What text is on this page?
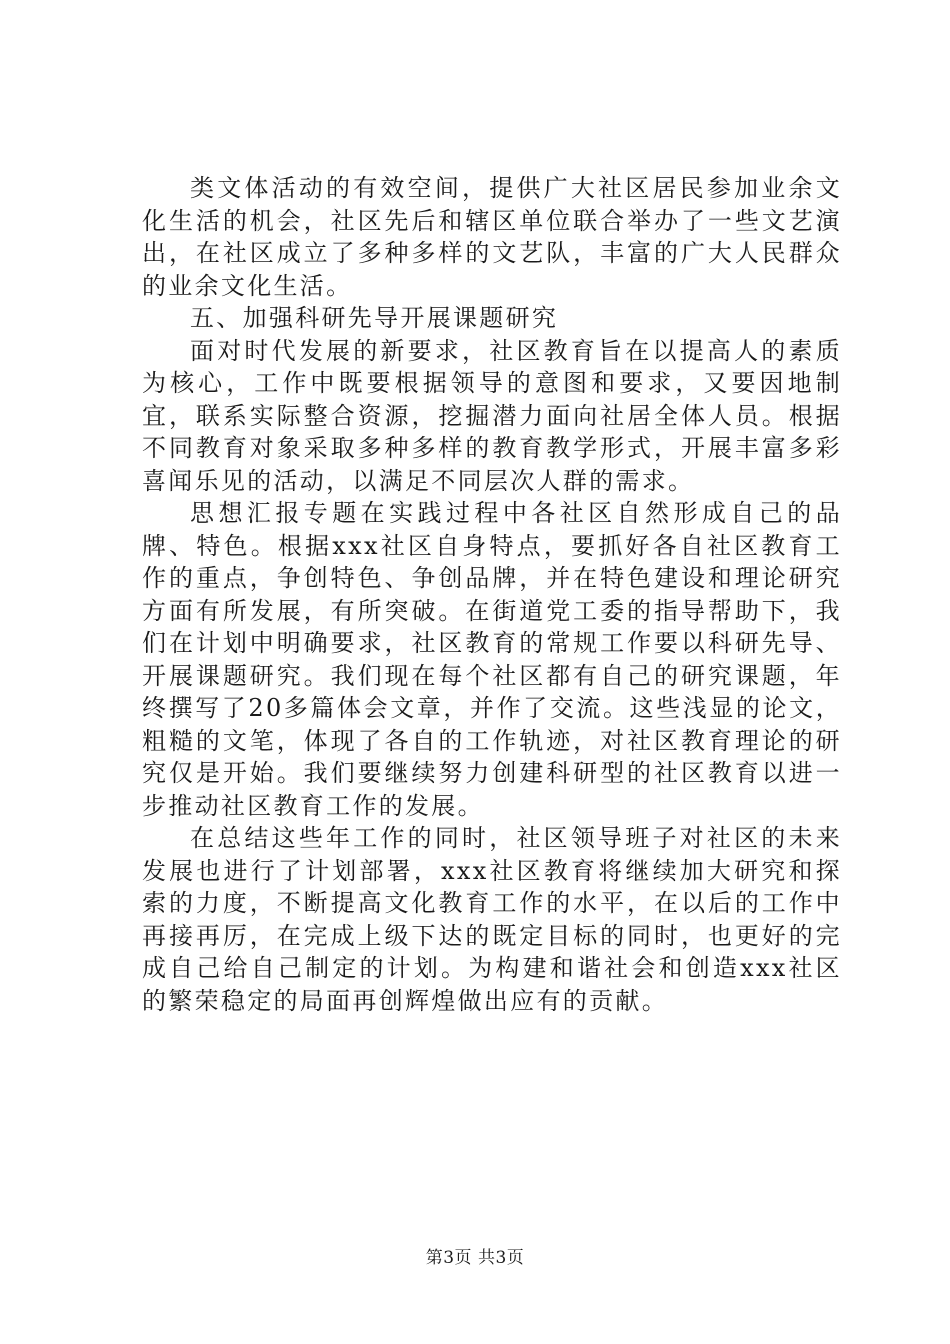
类文体活动的有效空间，提供广大社区居民参加业余文化生活的机会，社区先后和辖区单位联合举办了一些文艺演出，在社区成立了多种多样的文艺队，丰富的广大人民群众的业余文化生活。

五、加强科研先导开展课题研究

面对时代发展的新要求，社区教育旨在以提高人的素质为核心，工作中既要根据领导的意图和要求，又要因地制宜，联系实际整合资源，挖掘潜力面向社居全体人员。根据不同教育对象采取多种多样的教育教学形式，开展丰富多彩喜闻乐见的活动，以满足不同层次人群的需求。

思想汇报专题在实践过程中各社区自然形成自己的品牌、特色。根据xxx社区自身特点，要抓好各自社区教育工作的重点，争创特色、争创品牌，并在特色建设和理论研究方面有所发展，有所突破。在街道党工委的指导帮助下，我们在计划中明确要求，社区教育的常规工作要以科研先导、开展课题研究。我们现在每个社区都有自己的研究课题，年终撰写了20多篇体会文章，并作了交流。这些浅显的论文，粗糙的文笔，体现了各自的工作轨迹，对社区教育理论的研究仅是开始。我们要继续努力创建科研型的社区教育以进一步推动社区教育工作的发展。

在总结这些年工作的同时，社区领导班子对社区的未来发展也进行了计划部署，xxx社区教育将继续加大研究和探索的力度，不断提高文化教育工作的水平，在以后的工作中再接再厉，在完成上级下达的既定目标的同时，也更好的完成自己给自己制定的计划。为构建和谐社会和创造xxx社区的繁荣稳定的局面再创辉煌做出应有的贡献。

第3页 共3页
